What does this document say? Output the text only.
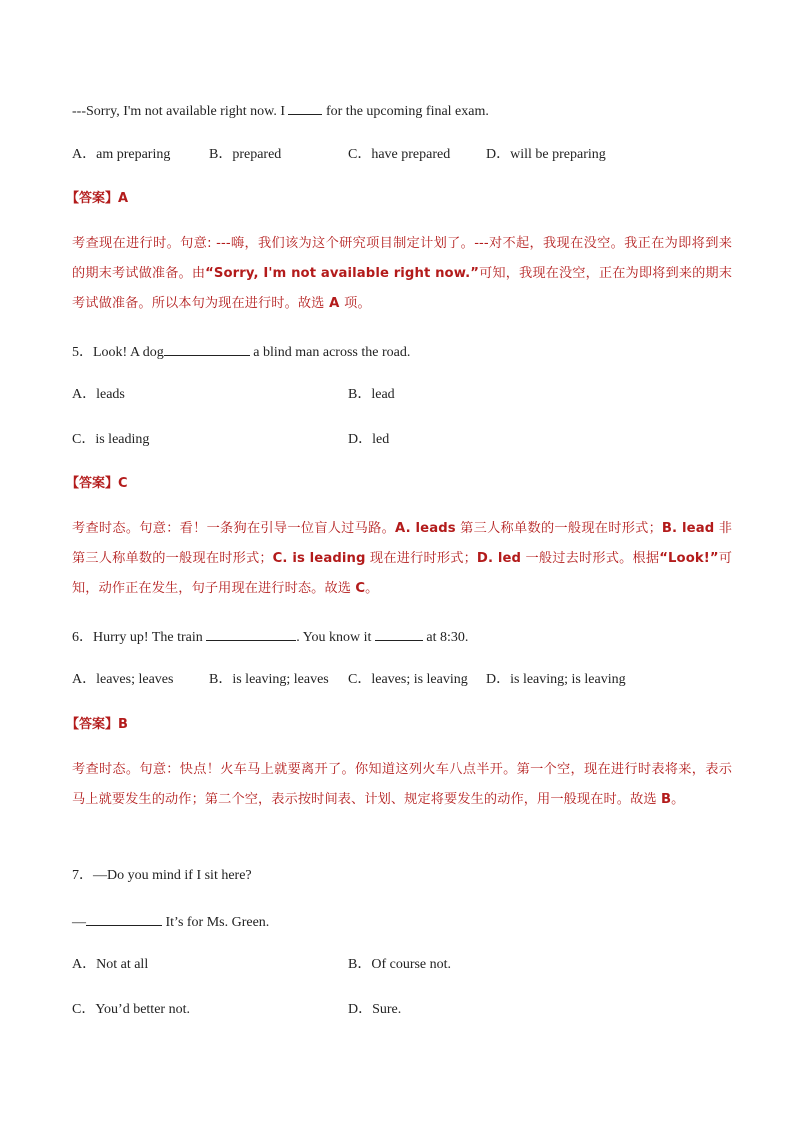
---Sorry, I'm not available right now. I  for the upcoming final exam.
A．am preparing	B．prepared	C．have prepared	D．will be preparing
【答案】A
考查现在进行时。句意: ---嗨，我们该为这个研究项目制定计划了。---对不起，我现在没空。我正在为即将到来的期末考试做准备。由“Sorry, I'm not available right now.”可知，我现在没空，正在为即将到来的期末考试做准备。所以本句为现在进行时。故选 A 项。
5．Look! A dog	a blind man across the road.
A．leads	B．lead
C．is leading	D．led
【答案】C
考查时态。句意：看！一条狗在引导一位盲人过马路。A. leads 第三人称单数的一般现在时形式；B. lead 非第三人称单数的一般现在时形式；C. is leading 现在进行时形式；D. led 一般过去时形式。根据“Look!”可知，动作正在发生，句子用现在进行时态。故选 C。
6．Hurry up! The train	. You know it	at 8:30.
A．leaves; leaves	B．is leaving; leaves C．leaves; is leaving D．is leaving; is leaving
【答案】B
考查时态。句意：快点！火车马上就要离开了。你知道这列火车八点半开。第一个空，现在进行时表将来，表示马上就要发生的动作；第二个空，表示按时间表、计划、规定将要发生的动作，用一般现在时。故选 B。
7．—Do you mind if I sit here?
—	It’s for Ms. Green.
A．Not at all	B．Of course not.
C．You’d better not.	D．Sure.
